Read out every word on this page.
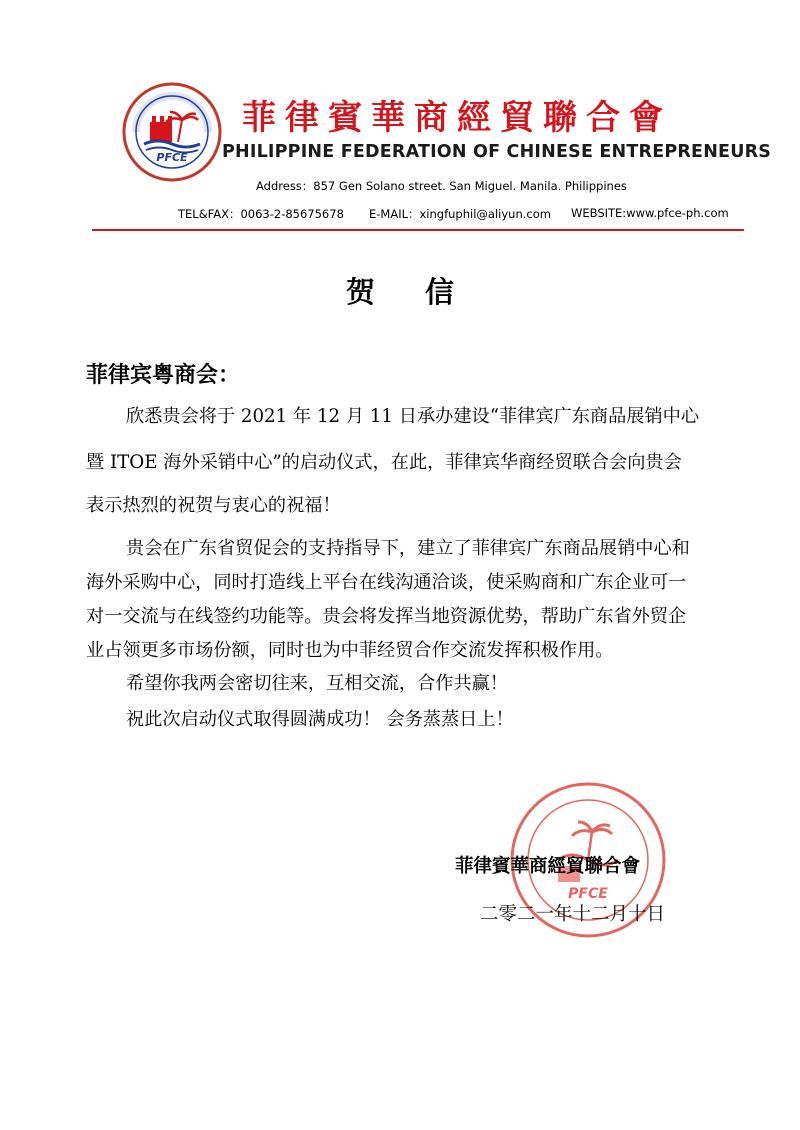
PFCE
菲律賓華商經貿聯合會
PHILIPPINE FEDERATION OF CHINESE ENTREPRENEURS
Address：857 Gen Solano street. San Miguel. Manila. Philippines
TEL&FAX：0063-2-85675678 E-MAIL：xingfuphil@aliyun.com WEBSITE:www.pfce-ph.com
贺 信
菲律宾粤商会：
欣悉贵会将于 2021 年 12 月 11 日承办建设“菲律宾广东商品展销中心
暨 ITOE 海外采销中心”的启动仪式，在此，菲律宾华商经贸联合会向贵会
表示热烈的祝贺与衷心的祝福！
贵会在广东省贸促会的支持指导下，建立了菲律宾广东商品展销中心和
海外采购中心，同时打造线上平台在线沟通洽谈，使采购商和广东企业可一
对一交流与在线签约功能等。贵会将发挥当地资源优势，帮助广东省外贸企
业占领更多市场份额，同时也为中菲经贸合作交流发挥积极作用。
希望你我两会密切往来，互相交流，合作共赢！
祝此次启动仪式取得圆满成功！ 会务蒸蒸日上！
PFCE
菲律賓華商經貿聯合會
二零二一年十二月十日
